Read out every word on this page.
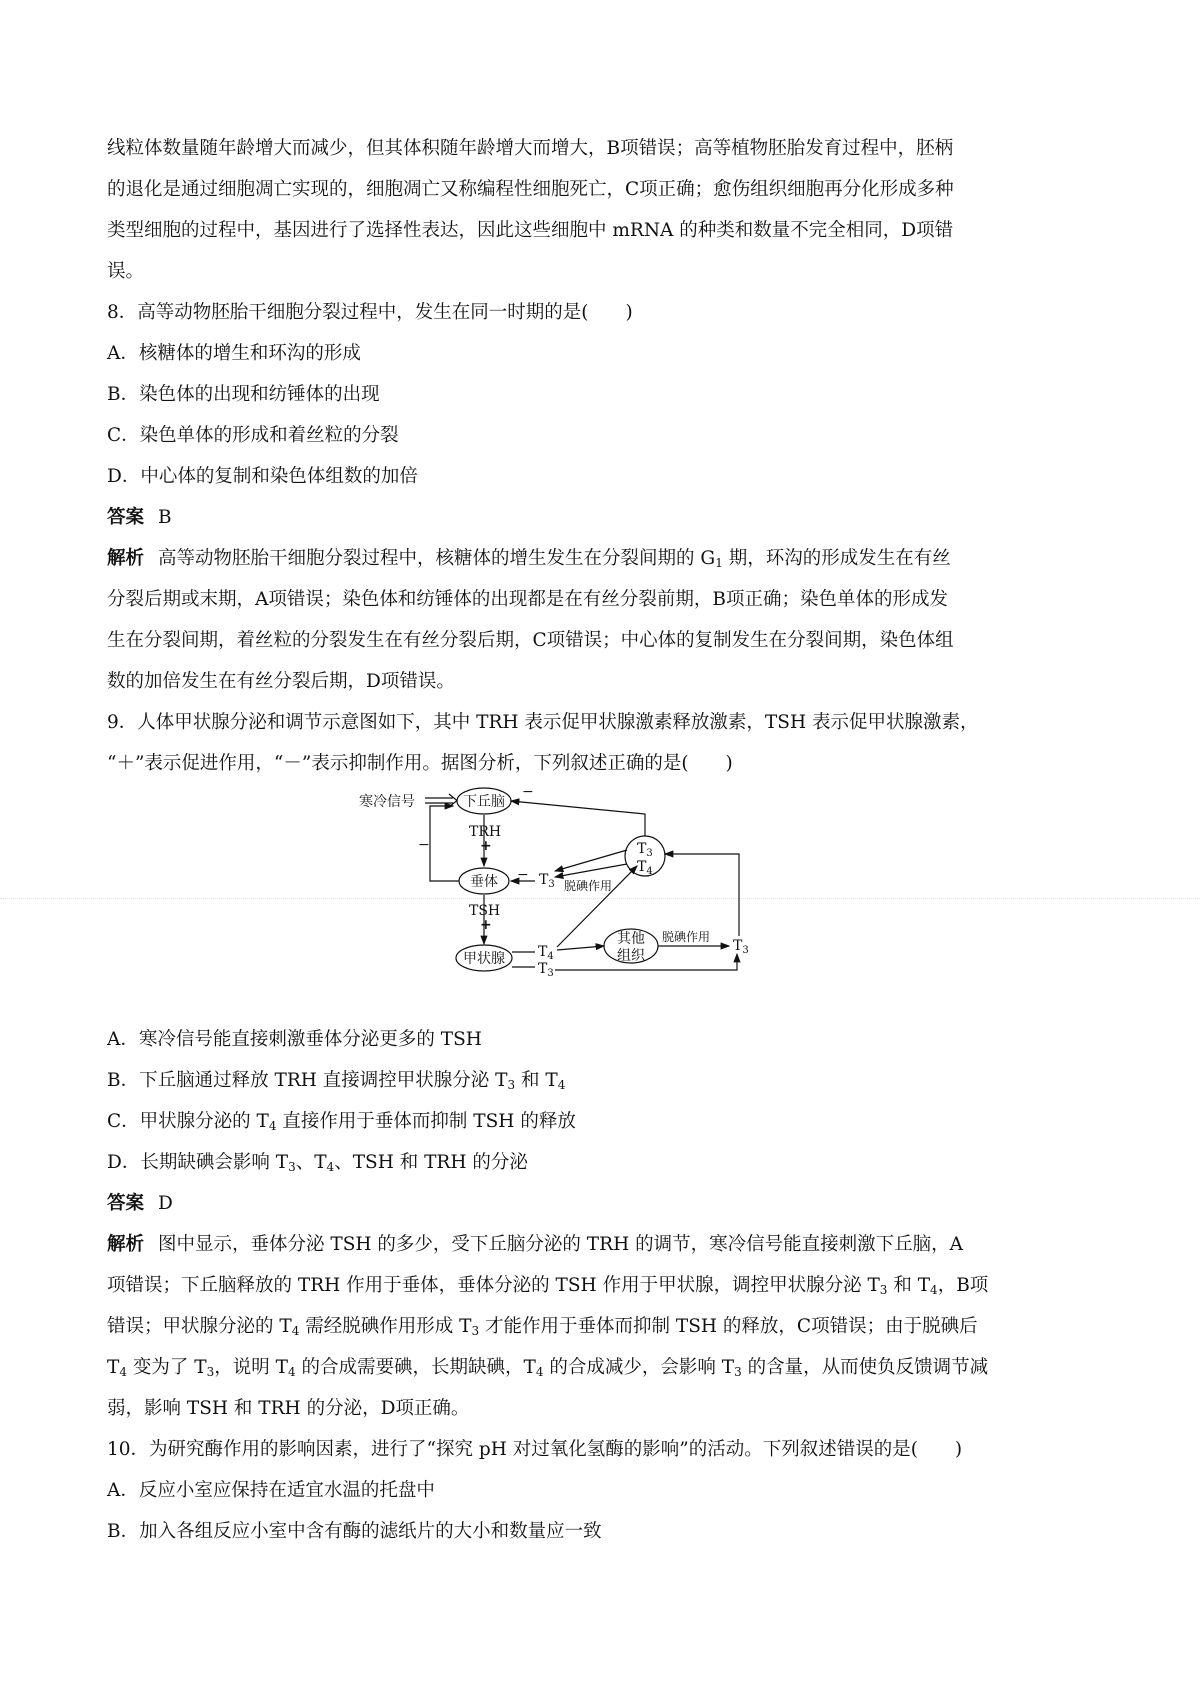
线粒体数量随年龄增大而减少，但其体积随年龄增大而增大，B项错误；高等植物胚胎发育过程中，胚柄

的退化是通过细胞凋亡实现的，细胞凋亡又称编程性细胞死亡，C项正确；愈伤组织细胞再分化形成多种

类型细胞的过程中，基因进行了选择性表达，因此这些细胞中 mRNA 的种类和数量不完全相同，D项错

误。

8．高等动物胚胎干细胞分裂过程中，发生在同一时期的是(　　)

A．核糖体的增生和环沟的形成

B．染色体的出现和纺锤体的出现

C．染色单体的形成和着丝粒的分裂

D．中心体的复制和染色体组数的加倍

答案 B

解析 高等动物胚胎干细胞分裂过程中，核糖体的增生发生在分裂间期的 $G_1$ 期，环沟的形成发生在有丝

分裂后期或末期，A项错误；染色体和纺锤体的出现都是在有丝分裂前期，B项正确；染色单体的形成发

生在分裂间期，着丝粒的分裂发生在有丝分裂后期，C项错误；中心体的复制发生在分裂间期，染色体组

数的加倍发生在有丝分裂后期，D项错误。

9．人体甲状腺分泌和调节示意图如下，其中 TRH 表示促甲状腺激素释放激素，TSH 表示促甲状腺激素，

“＋”表示促进作用，“－”表示抑制作用。据图分析，下列叙述正确的是(　　)

寒冷信号	下丘脑
TRH
+
垂体
−
TSH
+
甲状腺 $T_4$
$T_3$
其他
组织
脱碘作用
$T_3$
$T_3$
$T_4$
−
$T_3$ 脱碘作用
−

A．寒冷信号能直接刺激垂体分泌更多的 TSH

B．下丘脑通过释放 TRH 直接调控甲状腺分泌 $T_3$ 和 $T_4$

C．甲状腺分泌的 $T_4$ 直接作用于垂体而抑制 TSH 的释放

D．长期缺碘会影响 $T_3$、$T_4$、TSH 和 TRH 的分泌

答案 D

解析 图中显示，垂体分泌 TSH 的多少，受下丘脑分泌的 TRH 的调节，寒冷信号能直接刺激下丘脑，A

项错误；下丘脑释放的 TRH 作用于垂体，垂体分泌的 TSH 作用于甲状腺，调控甲状腺分泌 $T_3$ 和 $T_4$，B项

错误；甲状腺分泌的 $T_4$ 需经脱碘作用形成 $T_3$ 才能作用于垂体而抑制 TSH 的释放，C项错误；由于脱碘后

$T_4$ 变为了 $T_3$，说明 $T_4$ 的合成需要碘，长期缺碘，$T_4$ 的合成减少，会影响 $T_3$ 的含量，从而使负反馈调节减

弱，影响 TSH 和 TRH 的分泌，D项正确。

10．为研究酶作用的影响因素，进行了“探究 pH 对过氧化氢酶的影响”的活动。下列叙述错误的是(　　)

A．反应小室应保持在适宜水温的托盘中

B．加入各组反应小室中含有酶的滤纸片的大小和数量应一致
